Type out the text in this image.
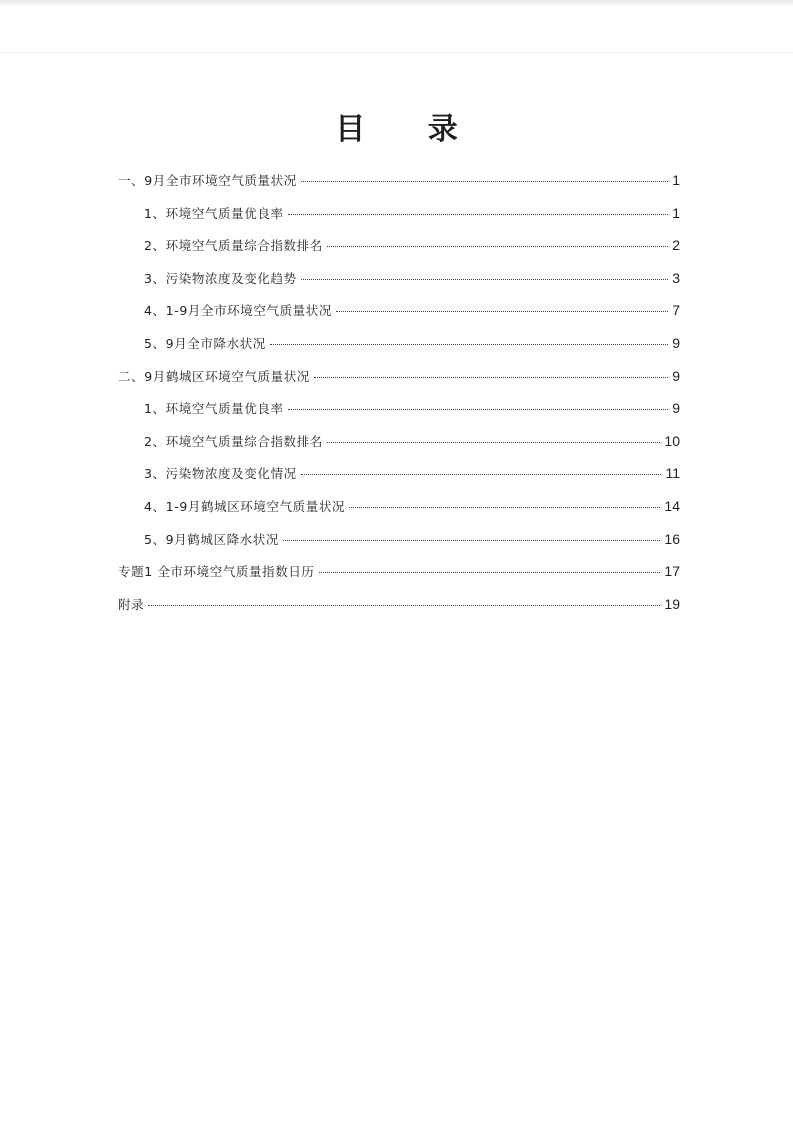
目 录
一、9月全市环境空气质量状况	1
1、环境空气质量优良率	1
2、环境空气质量综合指数排名	2
3、污染物浓度及变化趋势	3
4、1-9月全市环境空气质量状况	7
5、9月全市降水状况	9
二、9月鹤城区环境空气质量状况	9
1、环境空气质量优良率	9
2、环境空气质量综合指数排名	10
3、污染物浓度及变化情况	11
4、1-9月鹤城区环境空气质量状况	14
5、9月鹤城区降水状况	16
专题1 全市环境空气质量指数日历	17
附录	19
